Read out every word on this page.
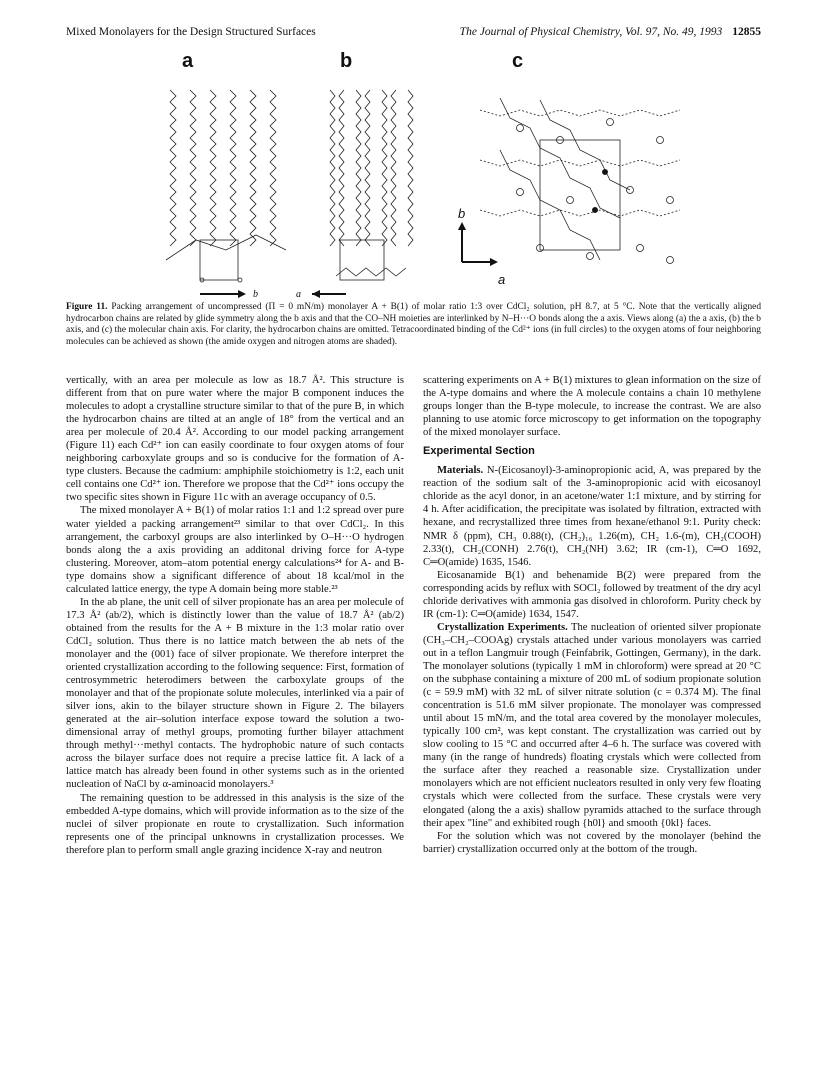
Mixed Monolayers for the Design Structured Surfaces	The Journal of Physical Chemistry, Vol. 97, No. 49, 1993 12855
a	b	c
b	a
b
a
Figure 11. Packing arrangement of uncompressed (Π = 0 mN/m) monolayer A + B(1) of molar ratio 1:3 over CdCl₂ solution, pH 8.7, at 5 °C. Note that the vertically aligned hydrocarbon chains are related by glide symmetry along the b axis and that the CO–NH moieties are interlinked by N–H···O bonds along the a axis. Views along (a) the a axis, (b) the b axis, and (c) the molecular chain axis. For clarity, the hydrocarbon chains are omitted. Tetracoordinated binding of the Cd²⁺ ions (in full circles) to the oxygen atoms of four neighboring molecules can be achieved as shown (the amide oxygen and nitrogen atoms are shaded).

vertically, with an area per molecule as low as 18.7 Å². This structure is different from that on pure water where the major B component induces the molecules to adopt a crystalline structure similar to that of the pure B, in which the hydrocarbon chains are tilted at an angle of 18° from the vertical and an area per molecule of 20.4 Å². According to our model packing arrangement (Figure 11) each Cd²⁺ ion can easily coordinate to four oxygen atoms of four neighboring carboxylate groups and so is conducive for the formation of A-type clusters. Because the cadmium: amphiphile stoichiometry is 1:2, each unit cell contains one Cd²⁺ ion. Therefore we propose that the Cd²⁺ ions occupy the two specific sites shown in Figure 11c with an average occupancy of 0.5.

The mixed monolayer A + B(1) of molar ratios 1:1 and 1:2 spread over pure water yielded a packing arrangement²³ similar to that over CdCl₂. In this arrangement, the carboxyl groups are also interlinked by O–H···O hydrogen bonds along the a axis providing an additonal driving force for A-type clustering. Moreover, atom–atom potential energy calculations²⁴ for A- and B-type domains show a significant difference of about 18 kcal/mol in the calculated lattice energy, the type A domain being more stable.²³

In the ab plane, the unit cell of silver propionate has an area per molecule of 17.3 Å² (ab/2), which is distinctly lower than the value of 18.7 Å² (ab/2) obtained from the results for the A + B mixture in the 1:3 molar ratio over CdCl₂ solution. Thus there is no lattice match between the ab nets of the monolayer and the (001) face of silver propionate. We therefore interpret the oriented crystallization according to the following sequence: First, formation of centrosymmetric heterodimers between the carboxylate groups of the monolayer and that of the propionate solute molecules, interlinked via a pair of silver ions, akin to the bilayer structure shown in Figure 2. The bilayers generated at the air–solution interface expose toward the solution a two-dimensional array of methyl groups, promoting further bilayer attachment through methyl···methyl contacts. The hydrophobic nature of such contacts across the bilayer surface does not require a precise lattice fit. A lack of a lattice match has already been found in other systems such as in the oriented nucleation of NaCl by α-aminoacid monolayers.³

The remaining question to be addressed in this analysis is the size of the embedded A-type domains, which will provide information as to the size of the nuclei of silver propionate en route to crystallization. Such information represents one of the principal unknowns in crystallization processes. We therefore plan to perform small angle grazing incidence X-ray and neutron

scattering experiments on A + B(1) mixtures to glean information on the size of the A-type domains and where the A molecule contains a chain 10 methylene groups longer than the B-type molecule, to increase the contrast. We are also planning to use atomic force microscopy to get information on the topography of the mixed monolayer surface.

Experimental Section

Materials. N-(Eicosanoyl)-3-aminopropionic acid, A, was prepared by the reaction of the sodium salt of the 3-aminopropionic acid with eicosanoyl chloride as the acyl donor, in an acetone/water 1:1 mixture, and by stirring for 4 h. After acidification, the precipitate was isolated by filtration, extracted with hexane, and recrystallized three times from hexane/ethanol 9:1. Purity check: NMR δ (ppm), CH₃ 0.88(t), (CH₂)₁₆ 1.26(m), CH₂ 1.6-(m), CH₂(COOH) 2.33(t), CH₂(CONH) 2.76(t), CH₂(NH) 3.62; IR (cm-1), C═O 1692, C═O(amide) 1635, 1546.

Eicosanamide B(1) and behenamide B(2) were prepared from the corresponding acids by reflux with SOCl₂ followed by treatment of the dry acyl chloride derivatives with ammonia gas disolved in chloroform. Purity check by IR (cm-1): C═O(amide) 1634, 1547.

Crystallization Experiments. The nucleation of oriented silver propionate (CH₃–CH₂–COOAg) crystals attached under various monolayers was carried out in a teflon Langmuir trough (Feinfabrik, Gottingen, Germany), in the dark. The monolayer solutions (typically 1 mM in chloroform) were spread at 20 °C on the subphase containing a mixture of 200 mL of sodium propionate solution (c = 59.9 mM) with 32 mL of silver nitrate solution (c = 0.374 M). The final concentration is 51.6 mM silver propionate. The monolayer was compressed until about 15 mN/m, and the total area covered by the monolayer molecules, typically 100 cm², was kept constant. The crystallization was carried out by slow cooling to 15 °C and occurred after 4–6 h. The surface was covered with many (in the range of hundreds) floating crystals which were collected from the surface after they reached a reasonable size. Crystallization under monolayers which are not efficient nucleators resulted in only very few floating crystals which were collected from the surface. These crystals were very elongated (along the a axis) shallow pyramids attached to the surface through their apex "line" and exhibited rough {h0l} and smooth {0kl} faces.

For the solution which was not covered by the monolayer (behind the barrier) crystallization occurred only at the bottom of the trough.
